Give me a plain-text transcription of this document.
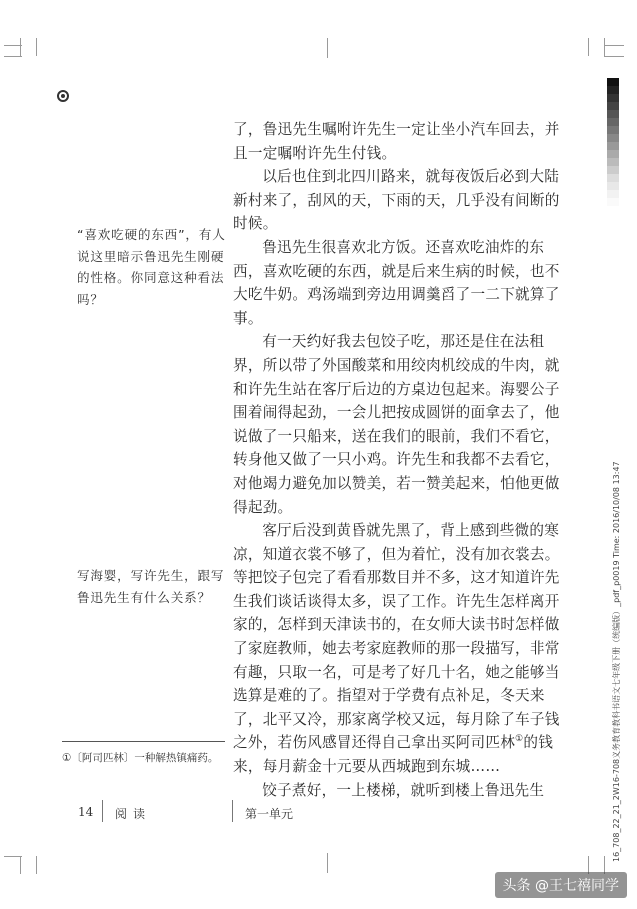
了，鲁迅先生嘱咐许先生一定让坐小汽车回去，并且一定嘱咐许先生付钱。

以后也住到北四川路来，就每夜饭后必到大陆新村来了，刮风的天，下雨的天，几乎没有间断的时候。

鲁迅先生很喜欢北方饭。还喜欢吃油炸的东西，喜欢吃硬的东西，就是后来生病的时候，也不大吃牛奶。鸡汤端到旁边用调羹舀了一二下就算了事。

有一天约好我去包饺子吃，那还是住在法租界，所以带了外国酸菜和用绞肉机绞成的牛肉，就和许先生站在客厅后边的方桌边包起来。海婴公子围着闹得起劲，一会儿把按成圆饼的面拿去了，他说做了一只船来，送在我们的眼前，我们不看它，转身他又做了一只小鸡。许先生和我都不去看它，对他竭力避免加以赞美，若一赞美起来，怕他更做得起劲。

客厅后没到黄昏就先黑了，背上感到些微的寒凉，知道衣裳不够了，但为着忙，没有加衣裳去。等把饺子包完了看看那数目并不多，这才知道许先生我们谈话谈得太多，误了工作。许先生怎样离开家的，怎样到天津读书的，在女师大读书时怎样做了家庭教师，她去考家庭教师的那一段描写，非常有趣，只取一名，可是考了好几十名，她之能够当选算是难的了。指望对于学费有点补足，冬天来了，北平又冷，那家离学校又远，每月除了车子钱之外，若伤风感冒还得自己拿出买阿司匹林①的钱来，每月薪金十元要从西城跑到东城……

饺子煮好，一上楼梯，就听到楼上鲁迅先生

“喜欢吃硬的东西”，有人说这里暗示鲁迅先生刚硬的性格。你同意这种看法吗？
写海婴，写许先生，跟写鲁迅先生有什么关系？
①〔阿司匹林〕一种解热镇痛药。
14 阅读	第一单元	16_708_22_21_2W16-708义务教育教科书语文七年级下册（统编版）_pdf_p0019 Time: 2016/10/08 13:47
头条 @王七禧同学
